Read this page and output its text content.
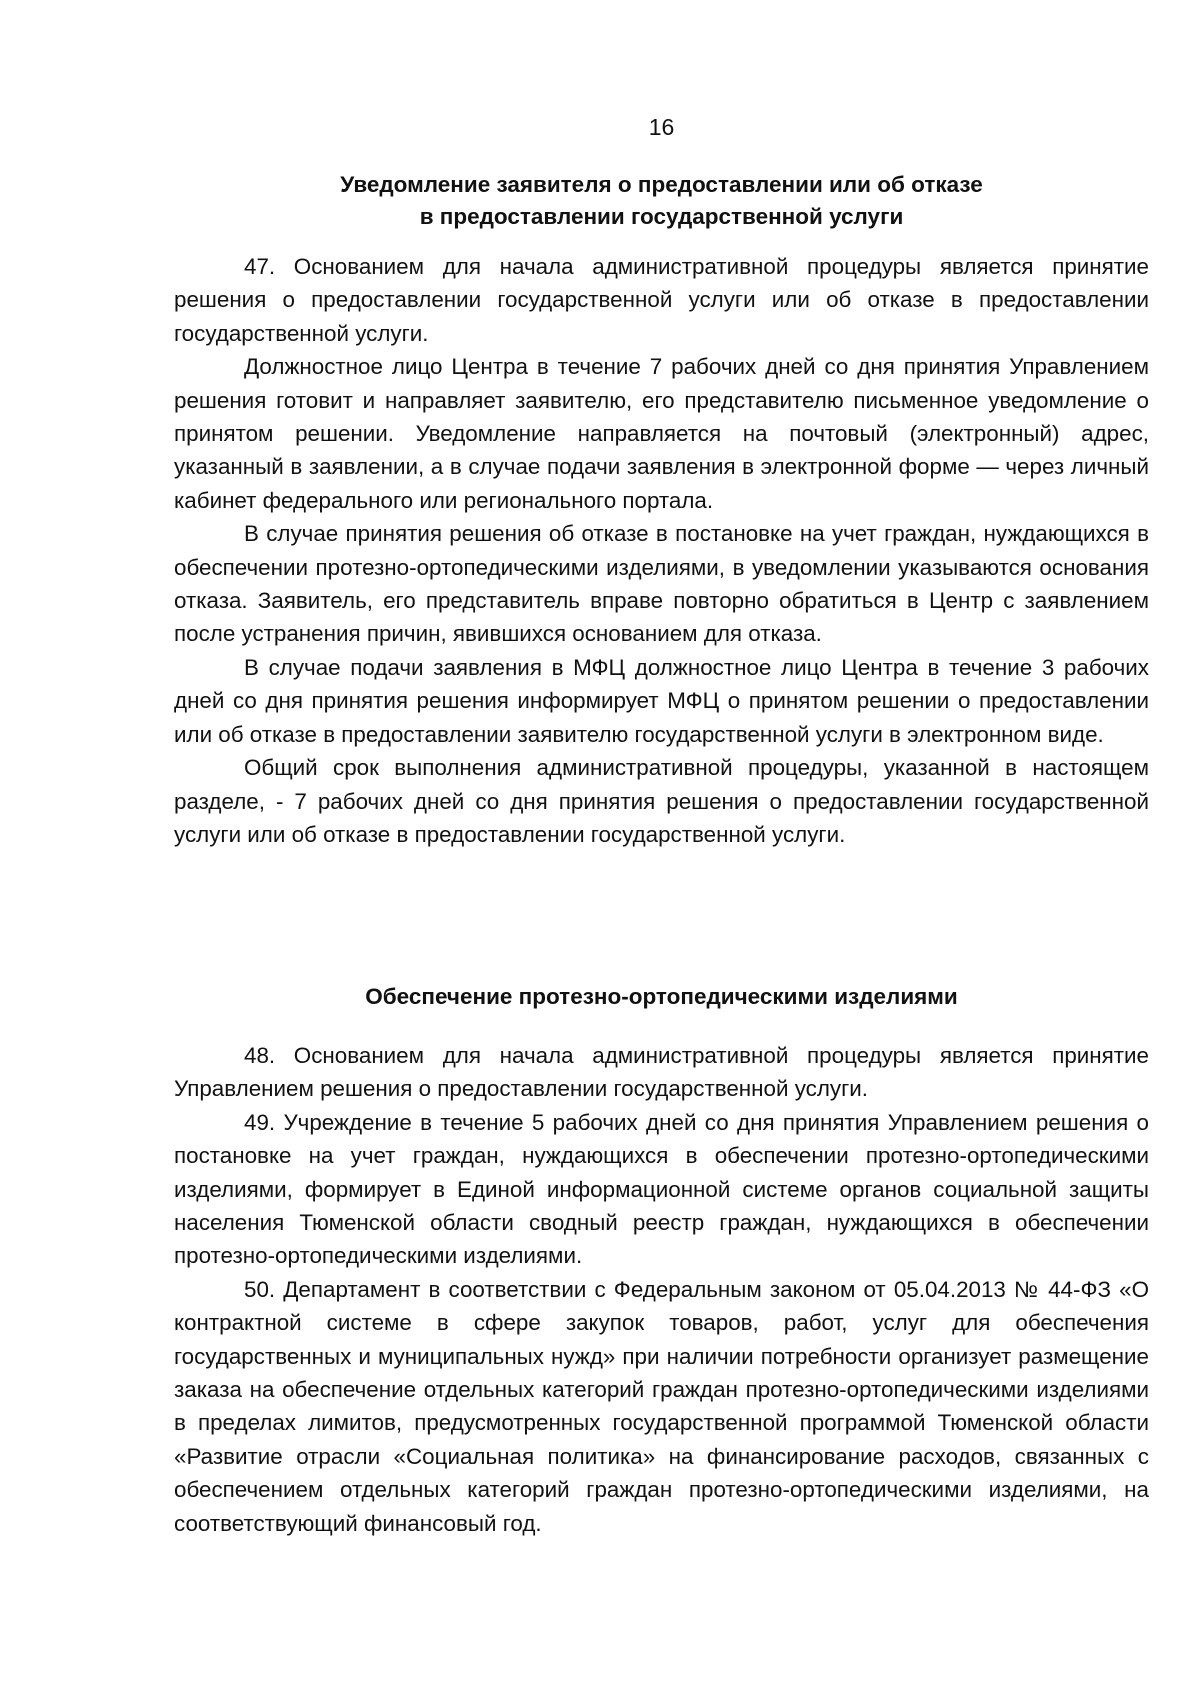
16

Уведомление заявителя о предоставлении или об отказе

в предоставлении государственной услуги

47. Основанием для начала административной процедуры является принятие решения о предоставлении государственной услуги или об отказе в предоставлении государственной услуги.

Должностное лицо Центра в течение 7 рабочих дней со дня принятия Управлением решения готовит и направляет заявителю, его представителю письменное уведомление о принятом решении. Уведомление направляется на почтовый (электронный) адрес, указанный в заявлении, а в случае подачи заявления в электронной форме — через личный кабинет федерального или регионального портала.

В случае принятия решения об отказе в постановке на учет граждан, нуждающихся в обеспечении протезно-ортопедическими изделиями, в уведомлении указываются основания отказа. Заявитель, его представитель вправе повторно обратиться в Центр с заявлением после устранения причин, явившихся основанием для отказа.

В случае подачи заявления в МФЦ должностное лицо Центра в течение 3 рабочих дней со дня принятия решения информирует МФЦ о принятом решении о предоставлении или об отказе в предоставлении заявителю государственной услуги в электронном виде.

Общий срок выполнения административной процедуры, указанной в настоящем разделе, - 7 рабочих дней со дня принятия решения о предоставлении государственной услуги или об отказе в предоставлении государственной услуги.

Обеспечение протезно-ортопедическими изделиями

48. Основанием для начала административной процедуры является принятие Управлением решения о предоставлении государственной услуги.

49. Учреждение в течение 5 рабочих дней со дня принятия Управлением решения о постановке на учет граждан, нуждающихся в обеспечении протезно-ортопедическими изделиями, формирует в Единой информационной системе органов социальной защиты населения Тюменской области сводный реестр граждан, нуждающихся в обеспечении протезно-ортопедическими изделиями.

50. Департамент в соответствии с Федеральным законом от 05.04.2013 № 44-ФЗ «О контрактной системе в сфере закупок товаров, работ, услуг для обеспечения государственных и муниципальных нужд» при наличии потребности организует размещение заказа на обеспечение отдельных категорий граждан протезно-ортопедическими изделиями в пределах лимитов, предусмотренных государственной программой Тюменской области «Развитие отрасли «Социальная политика» на финансирование расходов, связанных с обеспечением отдельных категорий граждан протезно-ортопедическими изделиями, на соответствующий финансовый год.
